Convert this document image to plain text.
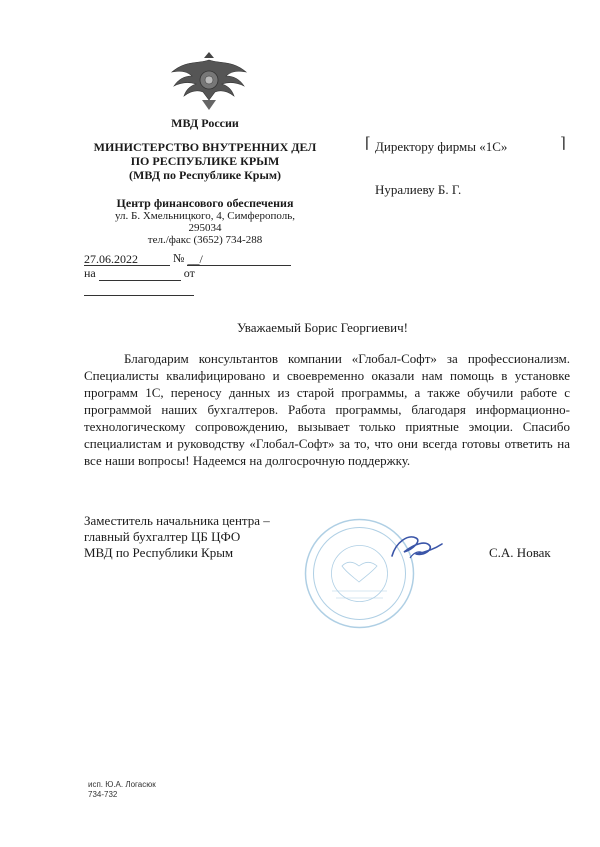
МВД России
МИНИСТЕРСТВО ВНУТРЕННИХ ДЕЛ
ПО РЕСПУБЛИКЕ КРЫМ
(МВД по Республике Крым)
Центр финансового обеспечения
ул. Б. Хмельницкого, 4, Симферополь,
295034
тел./факс (3652) 734-288
27.06.2022	№ __/
на	от
⌈	⌉
Директору фирмы «1С»
Нуралиеву Б. Г.
Уважаемый Борис Георгиевич!
Благодарим консультантов компании «Глобал-Софт» за профессионализм. Специалисты квалифицировано и своевременно оказали нам помощь в установке программ 1С, переносу данных из старой программы, а также обучили работе с программой наших бухгалтеров. Работа программы, благодаря информационно-технологическому сопровождению, вызывает только приятные эмоции. Спасибо специалистам и руководству «Глобал-Софт» за то, что они всегда готовы ответить на все наши вопросы! Надеемся на долгосрочную поддержку.
Заместитель начальника центра –
главный бухгалтер ЦБ ЦФО
МВД по Республики Крым	С.А. Новак
исп. Ю.А. Логасюк
734-732
